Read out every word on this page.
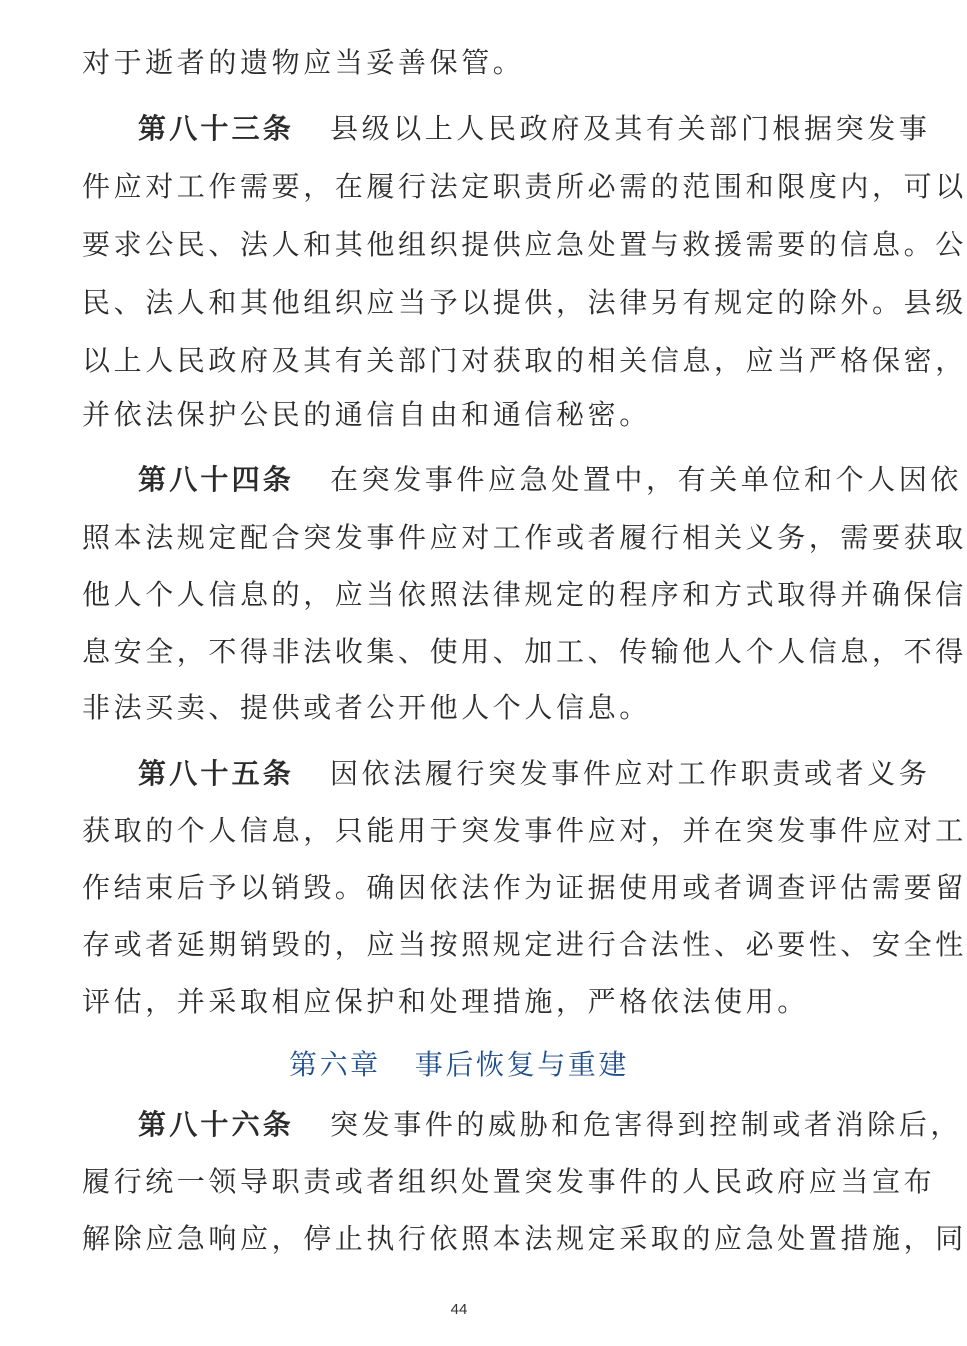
对于逝者的遗物应当妥善保管。
第八十三条 县级以上人民政府及其有关部门根据突发事
件应对工作需要，在履行法定职责所必需的范围和限度内，可以
要求公民、法人和其他组织提供应急处置与救援需要的信息。公
民、法人和其他组织应当予以提供，法律另有规定的除外。县级
以上人民政府及其有关部门对获取的相关信息，应当严格保密，
并依法保护公民的通信自由和通信秘密。
第八十四条 在突发事件应急处置中，有关单位和个人因依
照本法规定配合突发事件应对工作或者履行相关义务，需要获取
他人个人信息的，应当依照法律规定的程序和方式取得并确保信
息安全，不得非法收集、使用、加工、传输他人个人信息，不得
非法买卖、提供或者公开他人个人信息。
第八十五条 因依法履行突发事件应对工作职责或者义务
获取的个人信息，只能用于突发事件应对，并在突发事件应对工
作结束后予以销毁。确因依法作为证据使用或者调查评估需要留
存或者延期销毁的，应当按照规定进行合法性、必要性、安全性
评估，并采取相应保护和处理措施，严格依法使用。
第六章 事后恢复与重建
第八十六条 突发事件的威胁和危害得到控制或者消除后，
履行统一领导职责或者组织处置突发事件的人民政府应当宣布
解除应急响应，停止执行依照本法规定采取的应急处置措施，同
44
